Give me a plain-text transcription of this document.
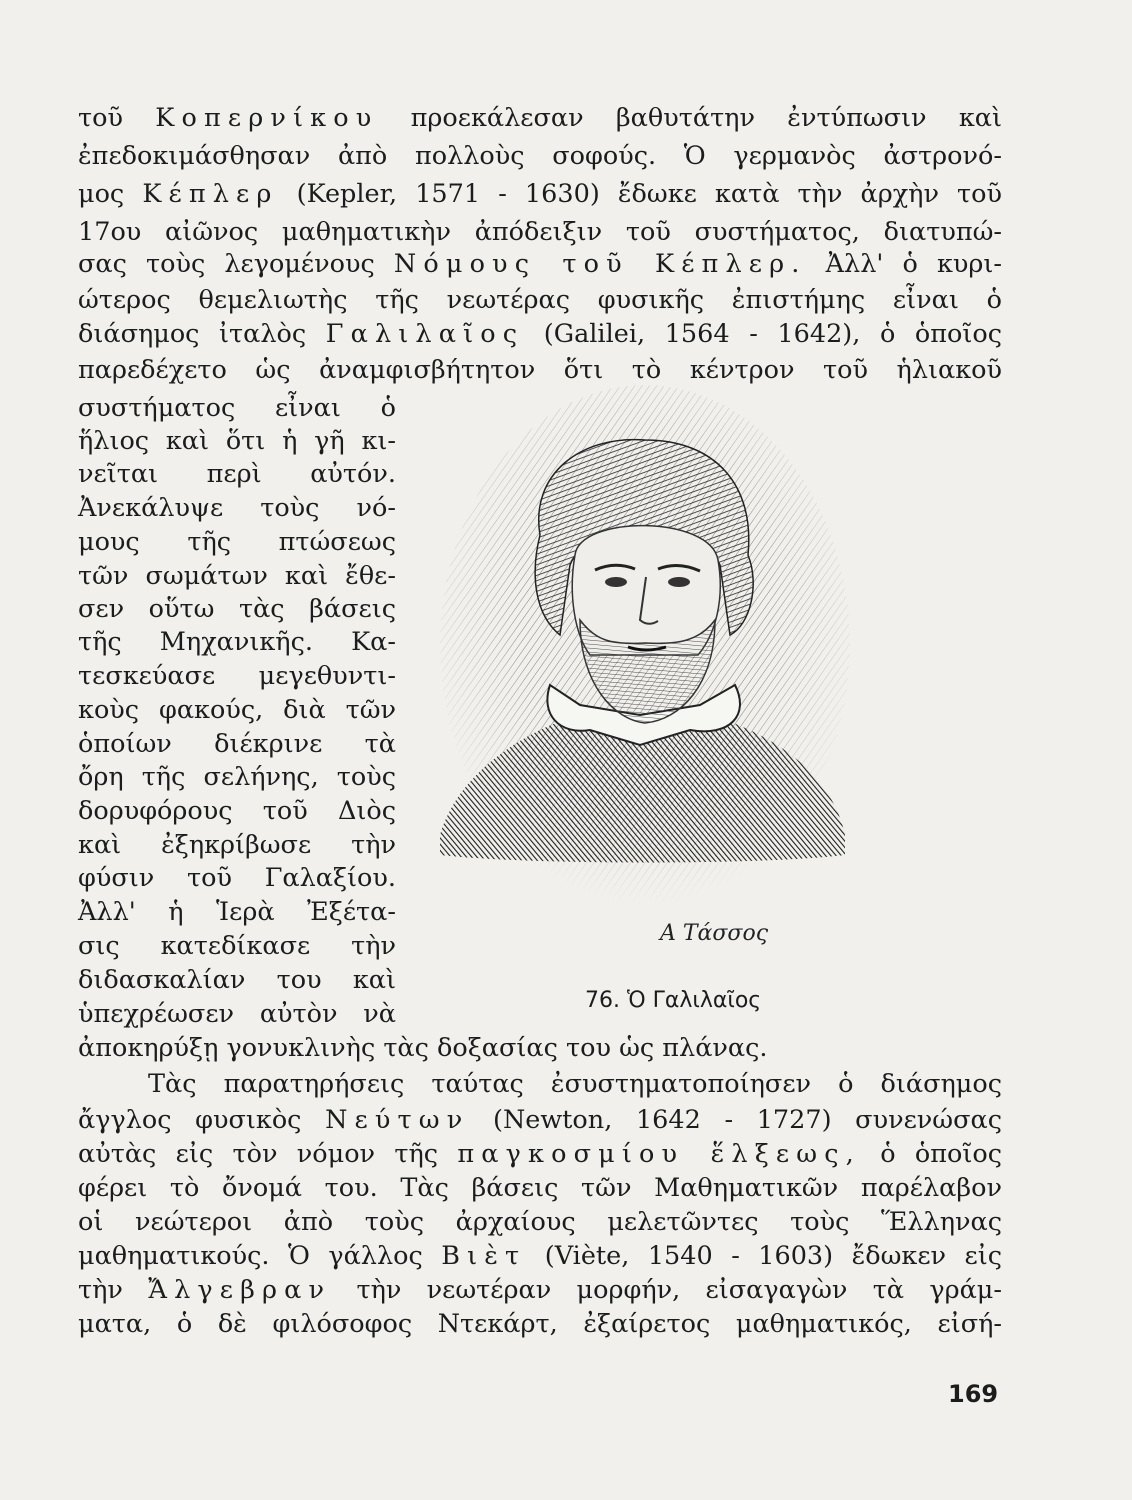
τοῦ Κοπερνίκου προεκάλεσαν βαθυτάτην ἐντύπωσιν καὶ
ἐπεδοκιμάσθησαν ἀπὸ πολλοὺς σοφούς. Ὁ γερμανὸς ἀστρονό-
μος Κέπλερ (Kepler, 1571 - 1630) ἔδωκε κατὰ τὴν ἀρχὴν τοῦ
17ου αἰῶνος μαθηματικὴν ἀπόδειξιν τοῦ συστήματος, διατυπώ-
σας τοὺς λεγομένους Νόμους τοῦ Κέπλερ. Ἀλλ' ὁ κυρι-
ώτερος θεμελιωτὴς τῆς νεωτέρας φυσικῆς ἐπιστήμης εἶναι ὁ
διάσημος ἰταλὸς Γαλιλαῖος (Galilei, 1564 - 1642), ὁ ὁποῖος
παρεδέχετο ὡς ἀναμφισβήτητον ὅτι τὸ κέντρον τοῦ ἡλιακοῦ
συστήματος εἶναι ὁ
ἥλιος καὶ ὅτι ἡ γῆ κι-
νεῖται περὶ αὐτόν.
Ἀνεκάλυψε τοὺς νό-
μους τῆς πτώσεως
τῶν σωμάτων καὶ ἔθε-
σεν οὕτω τὰς βάσεις
τῆς Μηχανικῆς. Κα-
τεσκεύασε μεγεθυντι-
κοὺς φακούς, διὰ τῶν
ὁποίων διέκρινε τὰ
ὄρη τῆς σελήνης, τοὺς
δορυφόρους τοῦ Διὸς
καὶ ἐξηκρίβωσε τὴν
φύσιν τοῦ Γαλαξίου.
Ἀλλ' ἡ Ἱερὰ Ἐξέτα-
σις κατεδίκασε τὴν
διδασκαλίαν του καὶ
ὑπεχρέωσεν αὐτὸν νὰ
ἀποκηρύξῃ γονυκλινὴς τὰς δοξασίας του ὡς πλάνας.
Τὰς παρατηρήσεις ταύτας ἐσυστηματοποίησεν ὁ διάσημος
ἄγγλος φυσικὸς Νεύτων (Newton, 1642 - 1727) συνενώσας
αὐτὰς εἰς τὸν νόμον τῆς παγκοσμίου ἕλξεως, ὁ ὁποῖος
φέρει τὸ ὄνομά του. Τὰς βάσεις τῶν Μαθηματικῶν παρέλαβον
οἱ νεώτεροι ἀπὸ τοὺς ἀρχαίους μελετῶντες τοὺς Ἕλληνας
μαθηματικούς. Ὁ γάλλος Βιὲτ (Viète, 1540 - 1603) ἔδωκεν εἰς
τὴν Ἄλγεβραν τὴν νεωτέραν μορφήν, εἰσαγαγὼν τὰ γράμ-
ματα, ὁ δὲ φιλόσοφος Ντεκάρτ, ἐξαίρετος μαθηματικός, εἰσή-
Α Τάσσος
76. Ὁ Γαλιλαῖος
169
